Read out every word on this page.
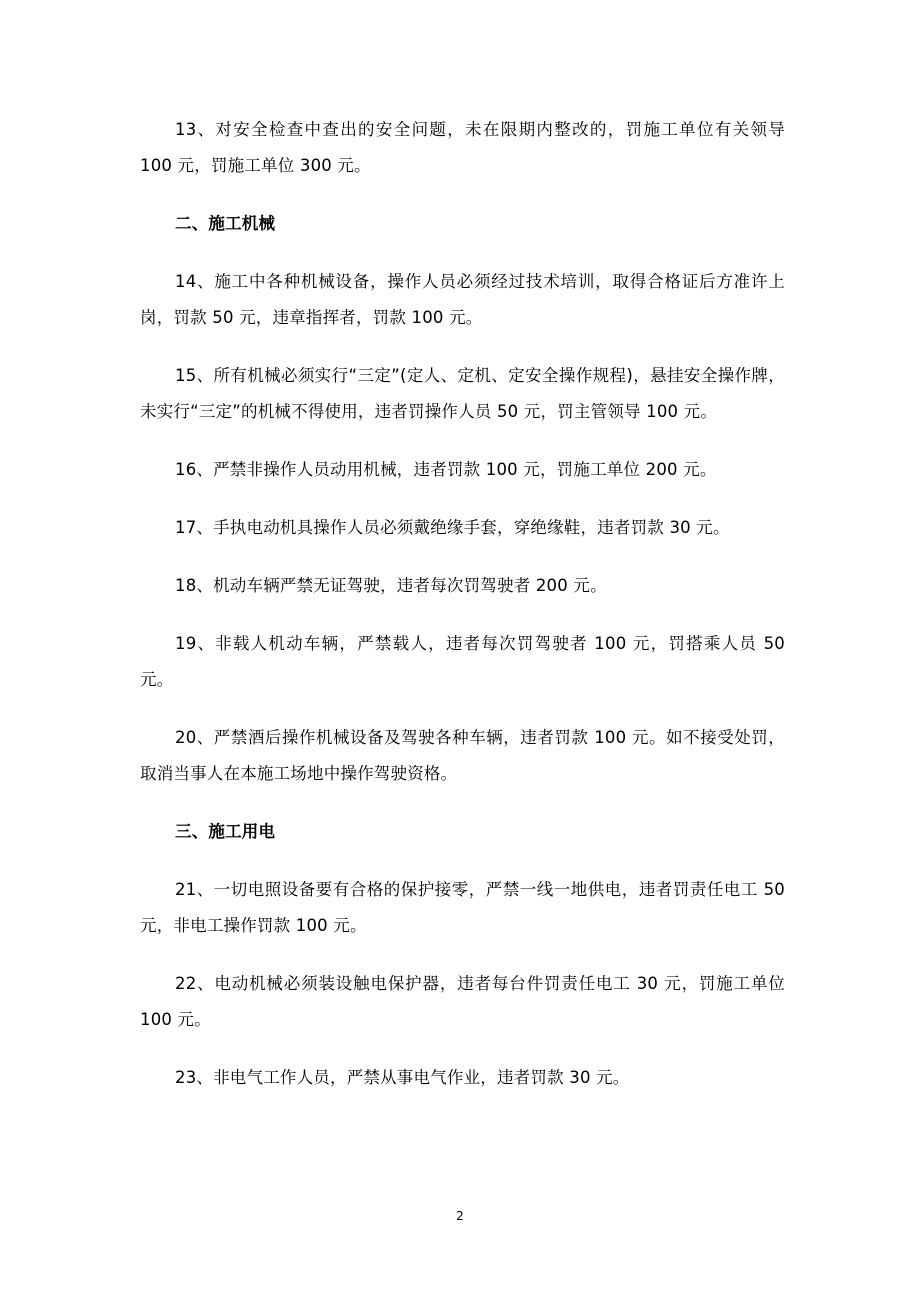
13、对安全检查中查出的安全问题，未在限期内整改的，罚施工单位有关领导 100 元，罚施工单位 300 元。

二、施工机械

14、施工中各种机械设备，操作人员必须经过技术培训，取得合格证后方准许上岗，罚款 50 元，违章指挥者，罚款 100 元。

15、所有机械必须实行“三定”(定人、定机、定安全操作规程)，悬挂安全操作牌，未实行“三定”的机械不得使用，违者罚操作人员 50 元，罚主管领导 100 元。

16、严禁非操作人员动用机械，违者罚款 100 元，罚施工单位 200 元。

17、手执电动机具操作人员必须戴绝缘手套，穿绝缘鞋，违者罚款 30 元。

18、机动车辆严禁无证驾驶，违者每次罚驾驶者 200 元。

19、非载人机动车辆，严禁载人，违者每次罚驾驶者 100 元，罚搭乘人员 50 元。

20、严禁酒后操作机械设备及驾驶各种车辆，违者罚款 100 元。如不接受处罚，取消当事人在本施工场地中操作驾驶资格。

三、施工用电

21、一切电照设备要有合格的保护接零，严禁一线一地供电，违者罚责任电工 50 元，非电工操作罚款 100 元。

22、电动机械必须装设触电保护器，违者每台件罚责任电工 30 元，罚施工单位 100 元。

23、非电气工作人员，严禁从事电气作业，违者罚款 30 元。

2
